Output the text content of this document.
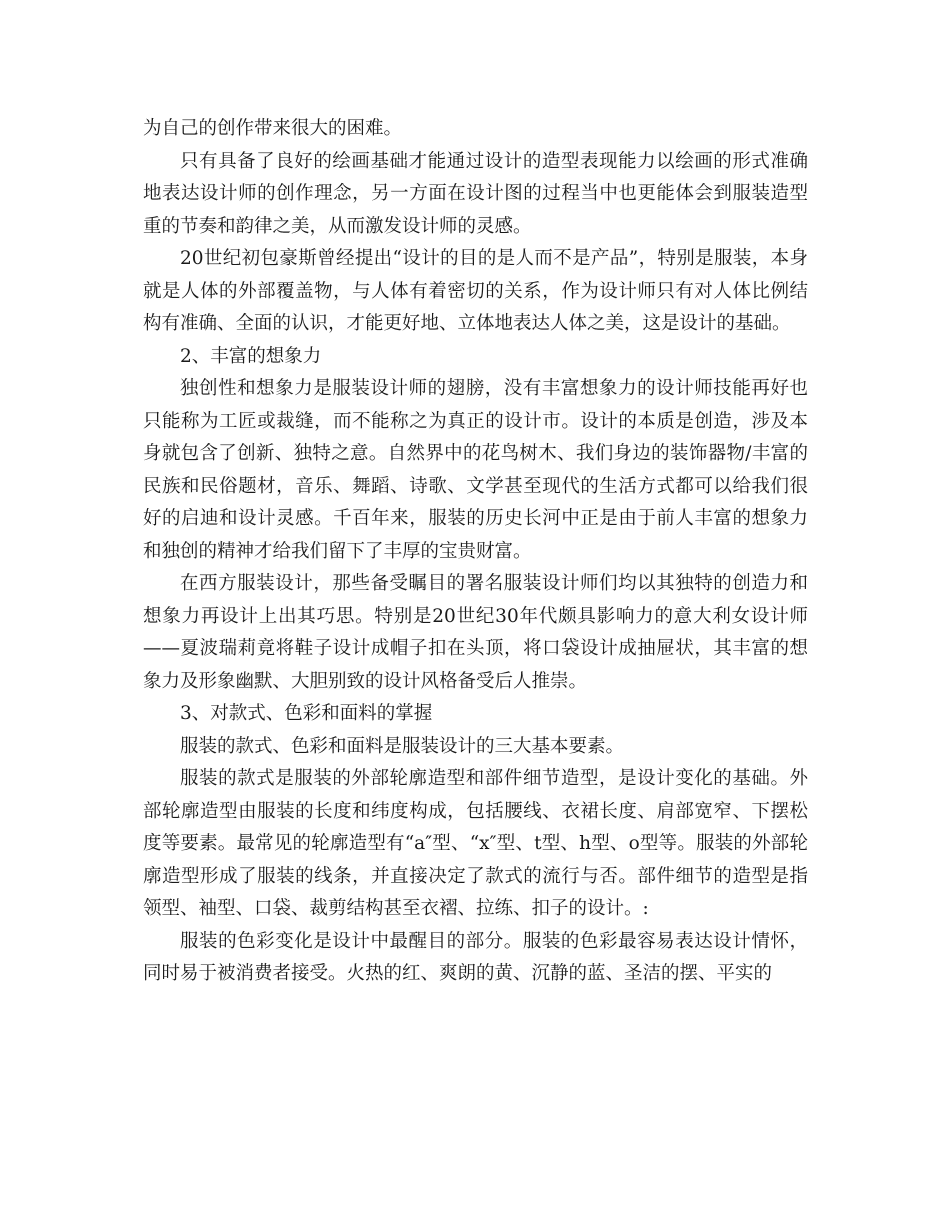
为自己的创作带来很大的困难。

只有具备了良好的绘画基础才能通过设计的造型表现能力以绘画的形式准确地表达设计师的创作理念，另一方面在设计图的过程当中也更能体会到服装造型重的节奏和韵律之美，从而激发设计师的灵感。

20世纪初包豪斯曾经提出“设计的目的是人而不是产品”，特别是服装，本身就是人体的外部覆盖物，与人体有着密切的关系，作为设计师只有对人体比例结构有准确、全面的认识，才能更好地、立体地表达人体之美，这是设计的基础。

2、丰富的想象力

独创性和想象力是服装设计师的翅膀，没有丰富想象力的设计师技能再好也只能称为工匠或裁缝，而不能称之为真正的设计市。设计的本质是创造，涉及本身就包含了创新、独特之意。自然界中的花鸟树木、我们身边的装饰器物/丰富的民族和民俗题材，音乐、舞蹈、诗歌、文学甚至现代的生活方式都可以给我们很好的启迪和设计灵感。千百年来，服装的历史长河中正是由于前人丰富的想象力和独创的精神才给我们留下了丰厚的宝贵财富。

在西方服装设计，那些备受瞩目的署名服装设计师们均以其独特的创造力和想象力再设计上出其巧思。特别是20世纪30年代颇具影响力的意大利女设计师——夏波瑞莉竟将鞋子设计成帽子扣在头顶，将口袋设计成抽屉状，其丰富的想象力及形象幽默、大胆别致的设计风格备受后人推崇。

3、对款式、色彩和面料的掌握

服装的款式、色彩和面料是服装设计的三大基本要素。

服装的款式是服装的外部轮廓造型和部件细节造型，是设计变化的基础。外部轮廓造型由服装的长度和纬度构成，包括腰线、衣裙长度、肩部宽窄、下摆松度等要素。最常见的轮廓造型有“a″型、“x″型、t型、h型、o型等。服装的外部轮廓造型形成了服装的线条，并直接决定了款式的流行与否。部件细节的造型是指领型、袖型、口袋、裁剪结构甚至衣褶、拉练、扣子的设计。:

服装的色彩变化是设计中最醒目的部分。服装的色彩最容易表达设计情怀，同时易于被消费者接受。火热的红、爽朗的黄、沉静的蓝、圣洁的摆、平实的
